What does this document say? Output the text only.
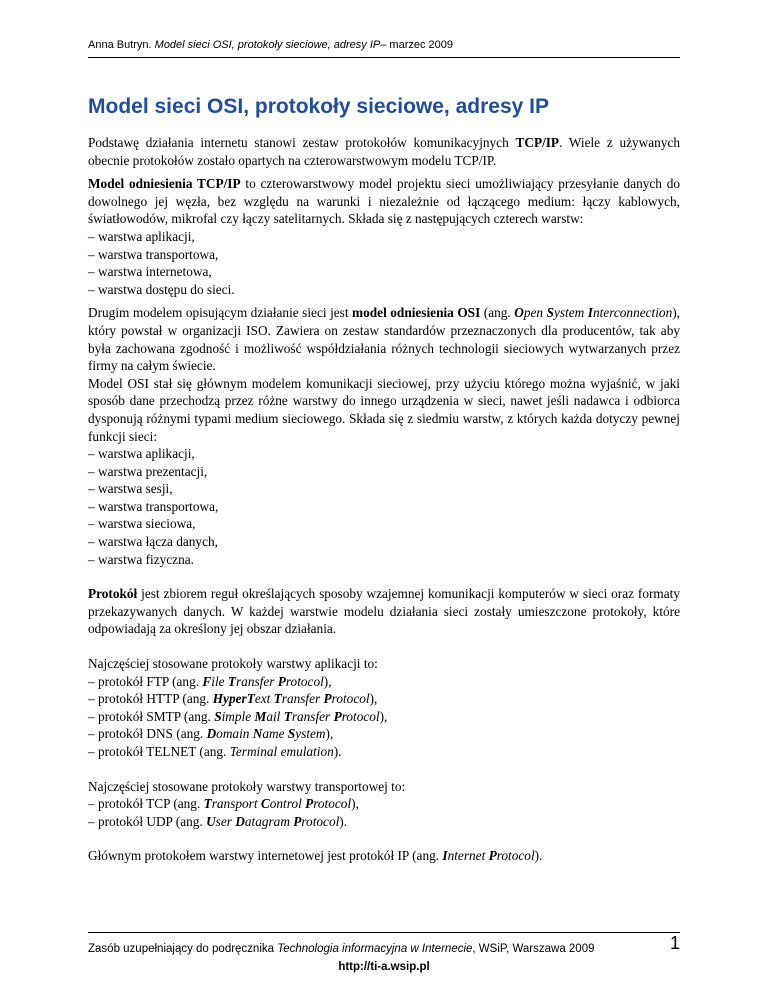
Anna Butryn. Model sieci OSI, protokoły sieciowe, adresy IP– marzec 2009
Model sieci OSI, protokoły sieciowe, adresy IP

Podstawę działania internetu stanowi zestaw protokołów komunikacyjnych TCP/IP. Wiele z używanych obecnie protokołów zostało opartych na czterowarstwowym modelu TCP/IP.

Model odniesienia TCP/IP to czterowarstwowy model projektu sieci umożliwiający przesyłanie danych do dowolnego jej węzła, bez względu na warunki i niezależnie od łączącego medium: łączy kablowych, światłowodów, mikrofal czy łączy satelitarnych. Składa się z następujących czterech warstw:

– warstwa aplikacji,
– warstwa transportowa,
– warstwa internetowa,
– warstwa dostępu do sieci.

Drugim modelem opisującym działanie sieci jest model odniesienia OSI (ang. Open System Interconnection), który powstał w organizacji ISO. Zawiera on zestaw standardów przeznaczonych dla producentów, tak aby była zachowana zgodność i możliwość współdziałania różnych technologii sieciowych wytwarzanych przez firmy na całym świecie.

Model OSI stał się głównym modelem komunikacji sieciowej, przy użyciu którego można wyjaśnić, w jaki sposób dane przechodzą przez różne warstwy do innego urządzenia w sieci, nawet jeśli nadawca i odbiorca dysponują różnymi typami medium sieciowego. Składa się z siedmiu warstw, z których każda dotyczy pewnej funkcji sieci:

– warstwa aplikacji,
– warstwa prezentacji,
– warstwa sesji,
– warstwa transportowa,
– warstwa sieciowa,
– warstwa łącza danych,
– warstwa fizyczna.

Protokół jest zbiorem reguł określających sposoby wzajemnej komunikacji komputerów w sieci oraz formaty przekazywanych danych. W każdej warstwie modelu działania sieci zostały umieszczone protokoły, które odpowiadają za określony jej obszar działania.

Najczęściej stosowane protokoły warstwy aplikacji to:

– protokół FTP (ang. File Transfer Protocol),
– protokół HTTP (ang. HyperText Transfer Protocol),
– protokół SMTP (ang. Simple Mail Transfer Protocol),
– protokół DNS (ang. Domain Name System),
– protokół TELNET (ang. Terminal emulation).

Najczęściej stosowane protokoły warstwy transportowej to:

– protokół TCP (ang. Transport Control Protocol),
– protokół UDP (ang. User Datagram Protocol).

Głównym protokołem warstwy internetowej jest protokół IP (ang. Internet Protocol).

Zasób uzupełniający do podręcznika Technologia informacyjna w Internecie, WSiP, Warszawa 2009
http://ti-a.wsip.pl
1
